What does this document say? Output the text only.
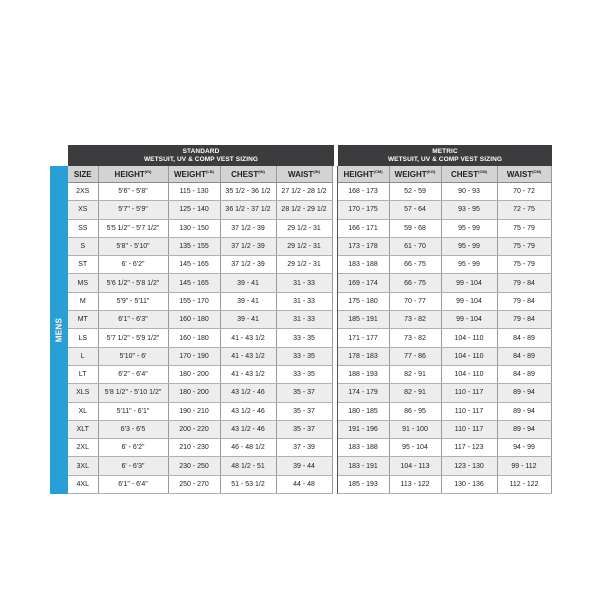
STANDARD
WETSUIT, UV & COMP VEST SIZING
METRIC
WETSUIT, UV & COMP VEST SIZING
MENS
SIZE	$HEIGHT^{(IN)}$	$WEIGHT^{(LB)}$	$CHEST^{(IN)}$	$WAIST^{(IN)}$		$HEIGHT^{(CM)}$	$WEIGHT^{(KG)}$	$CHEST^{(CM)}$	$WAIST^{(CM)}$
2XS	5'6" - 5'8"	115 - 130	35 1/2 - 36 1/2	27 1/2 - 28 1/2		168 - 173	52 - 59	90 - 93	70 - 72
XS	5'7" - 5'9"	125 - 140	36 1/2 - 37 1/2	28 1/2 - 29 1/2		170 - 175	57 - 64	93 - 95	72 - 75
SS	5'5 1/2" - 5'7 1/2"	130 - 150	37 1/2 - 39	29 1/2 - 31		166 - 171	59 - 68	95 - 99	75 - 79
S	5'8" - 5'10"	135 - 155	37 1/2 - 39	29 1/2 - 31		173 - 178	61 - 70	95 - 99	75 - 79
ST	6' - 6'2"	145 - 165	37 1/2 - 39	29 1/2 - 31		183 - 188	66 - 75	95 - 99	75 - 79
MS	5'6 1/2" - 5'8 1/2"	145 - 165	39 - 41	31 - 33		169 - 174	66 - 75	99 - 104	79 - 84
M	5'9" - 5'11"	155 - 170	39 - 41	31 - 33		175 - 180	70 - 77	99 - 104	79 - 84
MT	6'1" - 6'3"	160 - 180	39 - 41	31 - 33		185 - 191	73 - 82	99 - 104	79 - 84
LS	5'7 1/2" - 5'9 1/2"	160 - 180	41 - 43 1/2	33 - 35		171 - 177	73 - 82	104 - 110	84 - 89
L	5'10" - 6'	170 - 190	41 - 43 1/2	33 - 35		178 - 183	77 - 86	104 - 110	84 - 89
LT	6'2" - 6'4"	180 - 200	41 - 43 1/2	33 - 35		188 - 193	82 - 91	104 - 110	84 - 89
XLS	5'8 1/2" - 5'10 1/2"	180 - 200	43 1/2 - 46	35 - 37		174 - 179	82 - 91	110 - 117	89 - 94
XL	5'11" - 6'1"	190 - 210	43 1/2 - 46	35 - 37		180 - 185	86 - 95	110 - 117	89 - 94
XLT	6'3 - 6'5	200 - 220	43 1/2 - 46	35 - 37		191 - 196	91 - 100	110 - 117	89 - 94
2XL	6' - 6'2"	210 - 230	46 - 48 1/2	37 - 39		183 - 188	95 - 104	117 - 123	94 - 99
3XL	6' - 6'3"	230 - 250	48 1/2 - 51	39 - 44		183 - 191	104 - 113	123 - 130	99 - 112
4XL	6'1" - 6'4"	250 - 270	51 - 53 1/2	44 - 48		185 - 193	113 - 122	130 - 136	112 - 122
